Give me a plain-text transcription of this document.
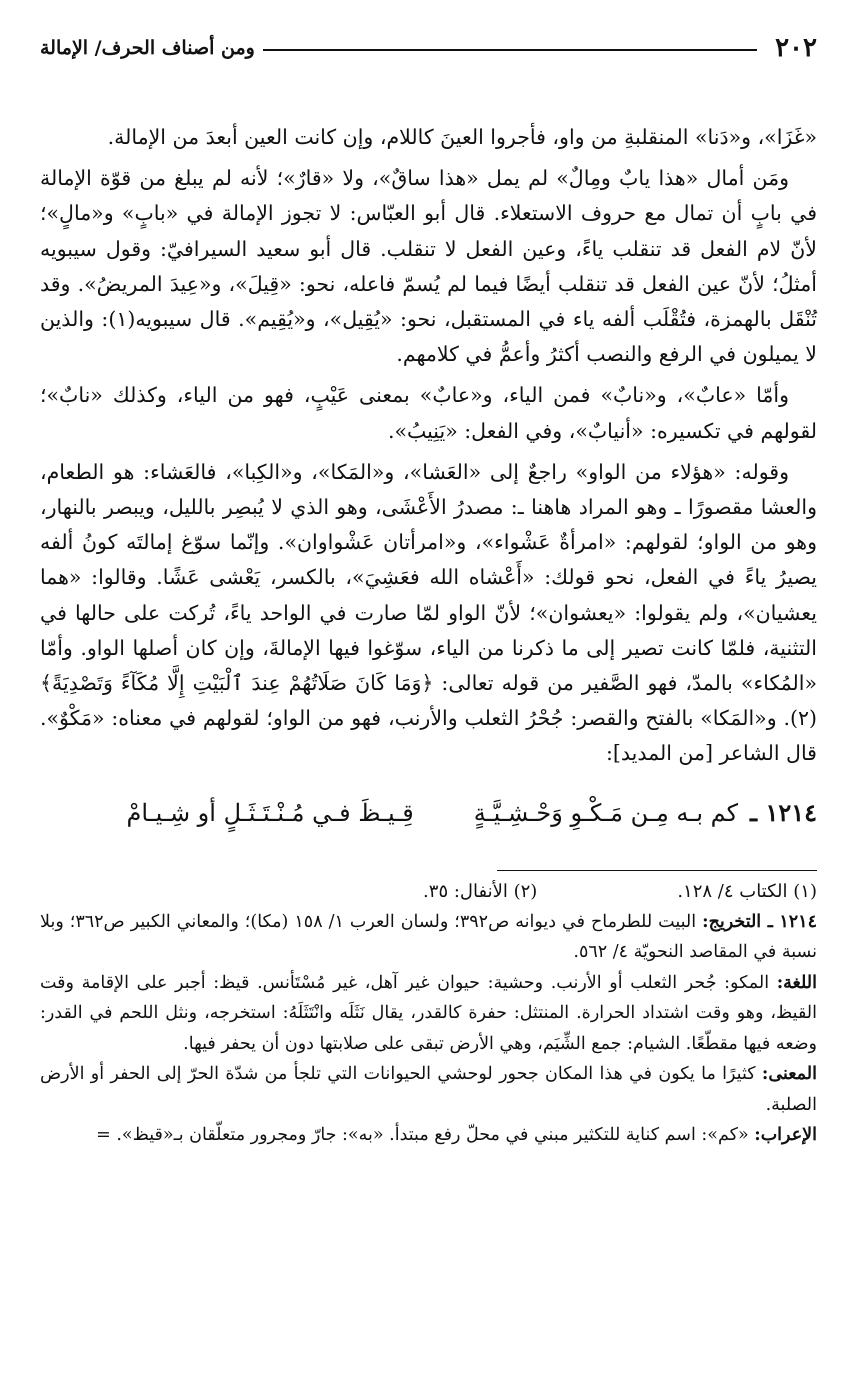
٢٠٢
ومن أصناف الحرف/ الإمالة

«غَزَا»، و«دَنا» المنقلبةِ من واو، فأجروا العينَ كاللام، وإن كانت العين أبعدَ من الإمالة.

ومَن أمال «هذا يابٌ ومِالٌ» لم يمل «هذا ساقٌ»، ولا «قارٌ»؛ لأنه لم يبلغ من قوّة الإمالة في بابٍ أن تمال مع حروف الاستعلاء. قال أبو العبّاس: لا تجوز الإمالة في «بابٍ» و«مالٍ»؛ لأنّ لام الفعل قد تنقلب ياءً، وعين الفعل لا تنقلب. قال أبو سعيد السيرافيّ: وقول سيبويه أمثلُ؛ لأنّ عين الفعل قد تنقلب أيضًا فيما لم يُسمّ فاعله، نحو: «قِيلَ»، و«عِيدَ المريضُ». وقد تُنْقَل بالهمزة، فتُقْلَب ألفه ياء في المستقبل، نحو: «يُقِيل»، و«يُقِيم». قال سيبويه(١): والذين لا يميلون في الرفع والنصب أكثرُ وأعمُّ في كلامهم.

وأمّا «عابٌ»، و«نابٌ» فمن الياء، و«عابٌ» بمعنى عَيْبٍ، فهو من الياء، وكذلك «نابٌ»؛ لقولهم في تكسيره: «أنيابٌ»، وفي الفعل: «يَنِيبُ».

وقوله: «هؤلاء من الواو» راجعٌ إلى «العَشا»، و«المَكا»، و«الكِبا»، فالعَشاء: هو الطعام، والعشا مقصورًا ـ وهو المراد هاهنا ـ: مصدرُ الأَعْشَى، وهو الذي لا يُبصِر بالليل، ويبصر بالنهار، وهو من الواو؛ لقولهم: «امرأةٌ عَشْواء»، و«امرأتان عَشْواوان». وإنّما سوّغ إمالتَه كونُ ألفه يصيرُ ياءً في الفعل، نحو قولك: «أَعْشاه الله فعَشِيَ»، بالكسر، يَعْشى عَشًا. وقالوا: «هما يعشيان»، ولم يقولوا: «يعشوان»؛ لأنّ الواو لمّا صارت في الواحد ياءً، تُركت على حالها في التثنية، فلمّا كانت تصير إلى ما ذكرنا من الياء، سوّغوا فيها الإمالةَ، وإن كان أصلها الواو. وأمّا «المُكاء» بالمدّ، فهو الصَّفير من قوله تعالى: ﴿وَمَا كَانَ صَلَاتُهُمْ عِندَ ٱلْبَيْتِ إِلَّا مُكَآءً وَتَصْدِيَةً﴾(٢). و«المَكا» بالفتح والقصر: جُحْرُ الثعلب والأرنب، فهو من الواو؛ لقولهم في معناه: «مَكْوٌ». قال الشاعر [من المديد]:

١٢١٤ ـ
كم بـه مِـن مَـكْـوِ وَحْـشِـيَّـةٍ
قِـيـظَ فـي مُـنْـتَـثَـلٍ أو شِـيـامْ
(١) الكتاب ٤/ ١٢٨.
(٢) الأنفال: ٣٥.

١٢١٤ ـ التخريج: البيت للطرماح في ديوانه ص٣٩٢؛ ولسان العرب ١/ ١٥٨ (مكا)؛ والمعاني الكبير ص٣٦٢؛ وبلا نسبة في المقاصد النحويّة ٤/ ٥٦٢.

اللغة: المكو: جُحر الثعلب أو الأرنب. وحشية: حيوان غير آهل، غير مُسْتَأنس. قيظ: أجبر على الإقامة وقت القيظ، وهو وقت اشتداد الحرارة. المنتثل: حفرة كالقدر، يقال نَثَلَه وانْتَثَلَهُ: استخرجه، ونثل اللحم في القدر: وضعه فيها مقطّعًا. الشيام: جمع الشِّيَم، وهي الأرض تبقى على صلابتها دون أن يحفر فيها.

المعنى: كثيرًا ما يكون في هذا المكان جحور لوحشي الحيوانات التي تلجأ من شدّة الحرّ إلى الحفر أو الأرض الصلبة.

الإعراب: «كم»: اسم كناية للتكثير مبني في محلّ رفع مبتدأ. «به»: جارّ ومجرور متعلّقان بـ«قيظ». =
